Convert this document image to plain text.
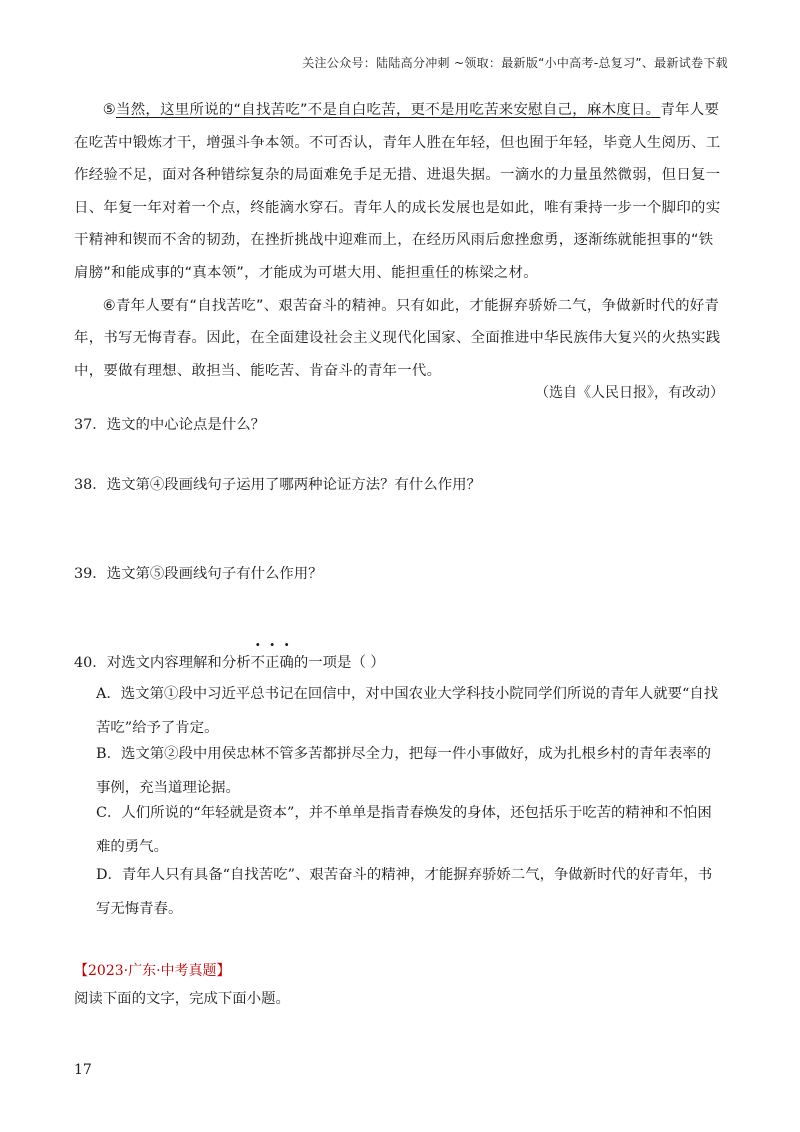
关注公众号：陆陆高分冲刺 ~领取：最新版“小中高考-总复习”、最新试卷下载

⑤当然，这里所说的“自找苦吃”不是自白吃苦，更不是用吃苦来安慰自己，麻木度日。青年人要在吃苦中锻炼才干，增强斗争本领。不可否认，青年人胜在年轻，但也囿于年轻，毕竟人生阅历、工作经验不足，面对各种错综复杂的局面难免手足无措、进退失据。一滴水的力量虽然微弱，但日复一日、年复一年对着一个点，终能滴水穿石。青年人的成长发展也是如此，唯有秉持一步一个脚印的实干精神和锲而不舍的韧劲，在挫折挑战中迎难而上，在经历风雨后愈挫愈勇，逐渐练就能担事的“铁肩膀”和能成事的“真本领”，才能成为可堪大用、能担重任的栋梁之材。

⑥青年人要有“自找苦吃”、艰苦奋斗的精神。只有如此，才能摒弃骄娇二气，争做新时代的好青年，书写无悔青春。因此，在全面建设社会主义现代化国家、全面推进中华民族伟大复兴的火热实践中，要做有理想、敢担当、能吃苦、肯奋斗的青年一代。

（选自《人民日报》，有改动）

37．选文的中心论点是什么？

38．选文第④段画线句子运用了哪两种论证方法？有什么作用？

39．选文第⑤段画线句子有什么作用？

40．对选文内容理解和分析不正确的一项是（ ）

A．选文第①段中习近平总书记在回信中，对中国农业大学科技小院同学们所说的青年人就要“自找苦吃”给予了肯定。

B．选文第②段中用侯忠林不管多苦都拼尽全力，把每一件小事做好，成为扎根乡村的青年表率的事例，充当道理论据。

C．人们所说的“年轻就是资本”，并不单单是指青春焕发的身体，还包括乐于吃苦的精神和不怕困难的勇气。

D．青年人只有具备“自找苦吃”、艰苦奋斗的精神，才能摒弃骄娇二气，争做新时代的好青年，书写无悔青春。

【2023·广东·中考真题】
阅读下面的文字，完成下面小题。
17
